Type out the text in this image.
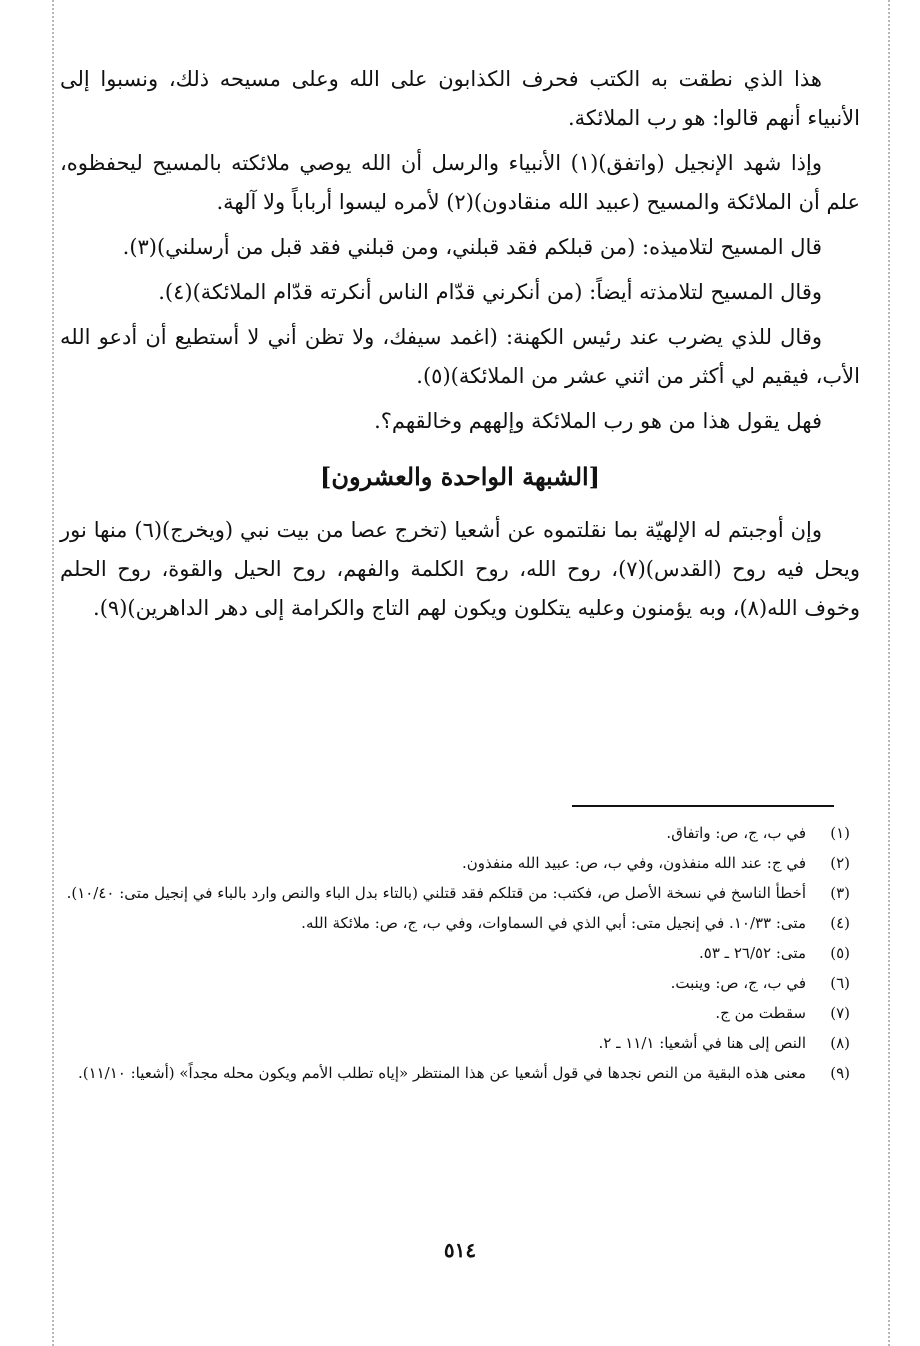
هذا الذي نطقت به الكتب فحرف الكذابون على الله وعلى مسيحه ذلك، ونسبوا إلى الأنبياء أنهم قالوا: هو رب الملائكة.

وإذا شهد الإنجيل (واتفق)(١) الأنبياء والرسل أن الله يوصي ملائكته بالمسيح ليحفظوه، علم أن الملائكة والمسيح (عبيد الله منقادون)(٢) لأمره ليسوا أرباباً ولا آلهة.

قال المسيح لتلاميذه: (من قبلكم فقد قبلني، ومن قبلني فقد قبل من أرسلني)(٣).

وقال المسيح لتلامذته أيضاً: (من أنكرني قدّام الناس أنكرته قدّام الملائكة)(٤).

وقال للذي يضرب عند رئيس الكهنة: (اغمد سيفك، ولا تظن أني لا أستطيع أن أدعو الله الأب، فيقيم لي أكثر من اثني عشر من الملائكة)(٥).

فهل يقول هذا من هو رب الملائكة وإلههم وخالقهم؟.

[الشبهة الواحدة والعشرون]

وإن أوجبتم له الإلهيّة بما نقلتموه عن أشعيا (تخرج عصا من بيت نبي (ويخرج)(٦) منها نور ويحل فيه روح (القدس)(٧)، روح الله، روح الكلمة والفهم، روح الحيل والقوة، روح الحلم وخوف الله(٨)، وبه يؤمنون وعليه يتكلون ويكون لهم التاج والكرامة إلى دهر الداهرين)(٩).

(١)
في ب، ج، ص: واتفاق.
(٢)
في ج: عند الله منفذون، وفي ب، ص: عبيد الله منفذون.
(٣)
أخطأ الناسخ في نسخة الأصل ص، فكتب: من قتلكم فقد قتلني (بالتاء بدل الباء والنص وارد بالباء في إنجيل متى: ١٠/٤٠).
(٤)
متى: ١٠/٣٣. في إنجيل متى: أبي الذي في السماوات، وفي ب، ج، ص: ملائكة الله.
(٥)
متى: ٢٦/٥٢ ـ ٥٣.
(٦)
في ب، ج، ص: وينبت.
(٧)
سقطت من ج.
(٨)
النص إلى هنا في أشعيا: ١١/١ ـ ٢.
(٩)
معنى هذه البقية من النص نجدها في قول أشعيا عن هذا المنتظر «إياه تطلب الأمم ويكون محله مجداً» (أشعيا: ١١/١٠).
٥١٤
